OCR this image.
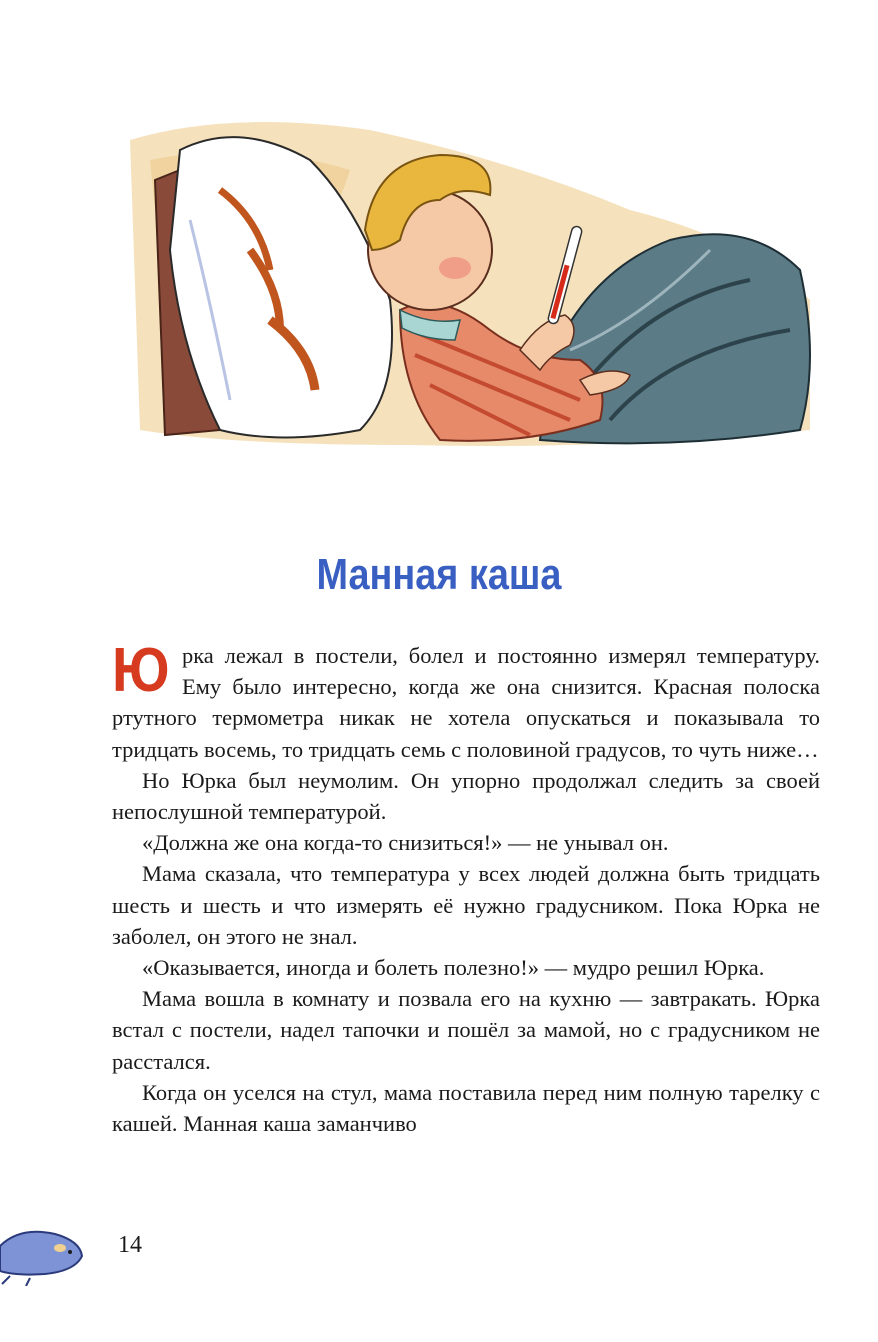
Манная каша

Юрка лежал в постели, болел и постоянно измерял температуру. Ему было интересно, когда же она снизится. Красная полоска ртутного термометра никак не хотела опускаться и показывала то тридцать восемь, то тридцать семь с половиной градусов, то чуть ниже…

Но Юрка был неумолим. Он упорно продолжал следить за своей непослушной температурой.

«Должна же она когда-то снизиться!» — не унывал он.

Мама сказала, что температура у всех людей должна быть тридцать шесть и шесть и что измерять её нужно градусником. Пока Юрка не заболел, он этого не знал.

«Оказывается, иногда и болеть полезно!» — мудро решил Юрка.

Мама вошла в комнату и позвала его на кухню — завтракать. Юрка встал с постели, надел тапочки и пошёл за мамой, но с градусником не расстался.

Когда он уселся на стул, мама поставила перед ним полную тарелку с кашей. Манная каша заманчиво

14
